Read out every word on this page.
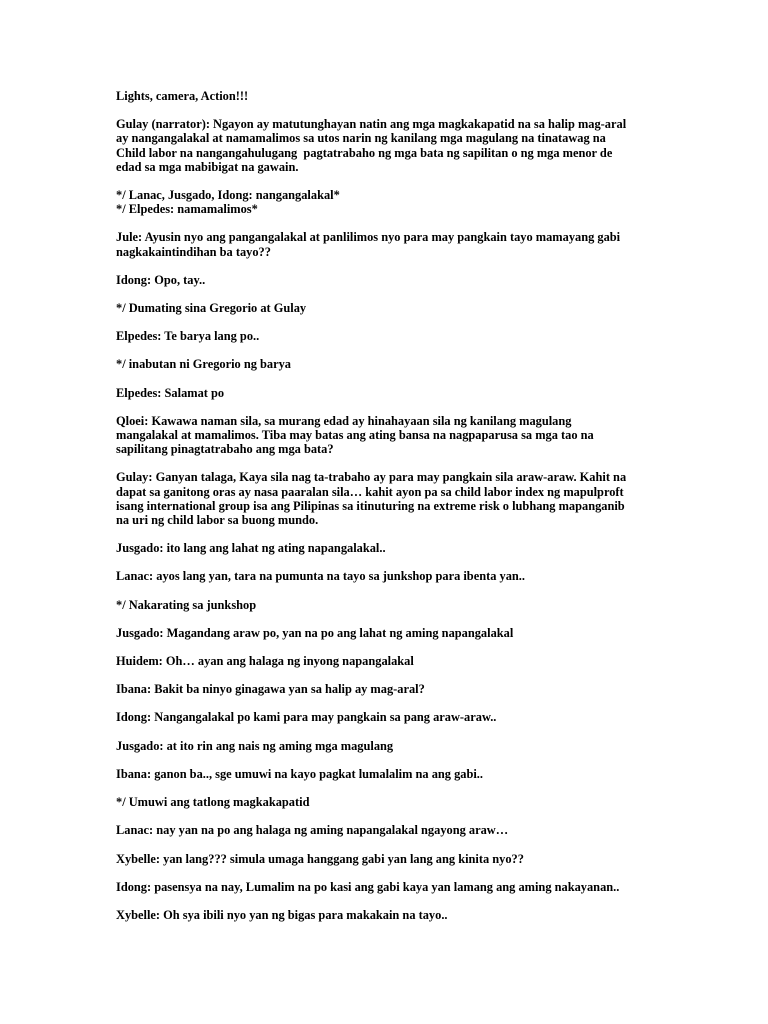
Lights, camera, Action!!!
Gulay (narrator): Ngayon ay matutunghayan natin ang mga magkakapatid na sa halip mag-aral
ay nangangalakal at namamalimos sa utos narin ng kanilang mga magulang na tinatawag na
Child labor na nangangahulugang  pagtatrabaho ng mga bata ng sapilitan o ng mga menor de
edad sa mga mabibigat na gawain.
*/ Lanac, Jusgado, Idong: nangangalakal*
*/ Elpedes: namamalimos*
Jule: Ayusin nyo ang pangangalakal at panlilimos nyo para may pangkain tayo mamayang gabi
nagkakaintindihan ba tayo??
Idong: Opo, tay..
*/ Dumating sina Gregorio at Gulay
Elpedes: Te barya lang po..
*/ inabutan ni Gregorio ng barya
Elpedes: Salamat po
Qloei: Kawawa naman sila, sa murang edad ay hinahayaan sila ng kanilang magulang
mangalakal at mamalimos. Tiba may batas ang ating bansa na nagpaparusa sa mga tao na
sapilitang pinagtatrabaho ang mga bata?
Gulay: Ganyan talaga, Kaya sila nag ta-trabaho ay para may pangkain sila araw-araw. Kahit na
dapat sa ganitong oras ay nasa paaralan sila… kahit ayon pa sa child labor index ng mapulproft
isang international group isa ang Pilipinas sa itinuturing na extreme risk o lubhang mapanganib
na uri ng child labor sa buong mundo.
Jusgado: ito lang ang lahat ng ating napangalakal..
Lanac: ayos lang yan, tara na pumunta na tayo sa junkshop para ibenta yan..
*/ Nakarating sa junkshop
Jusgado: Magandang araw po, yan na po ang lahat ng aming napangalakal
Huidem: Oh… ayan ang halaga ng inyong napangalakal
Ibana: Bakit ba ninyo ginagawa yan sa halip ay mag-aral?
Idong: Nangangalakal po kami para may pangkain sa pang araw-araw..
Jusgado: at ito rin ang nais ng aming mga magulang
Ibana: ganon ba.., sge umuwi na kayo pagkat lumalalim na ang gabi..
*/ Umuwi ang tatlong magkakapatid
Lanac: nay yan na po ang halaga ng aming napangalakal ngayong araw…
Xybelle: yan lang??? simula umaga hanggang gabi yan lang ang kinita nyo??
Idong: pasensya na nay, Lumalim na po kasi ang gabi kaya yan lamang ang aming nakayanan..
Xybelle: Oh sya ibili nyo yan ng bigas para makakain na tayo..
